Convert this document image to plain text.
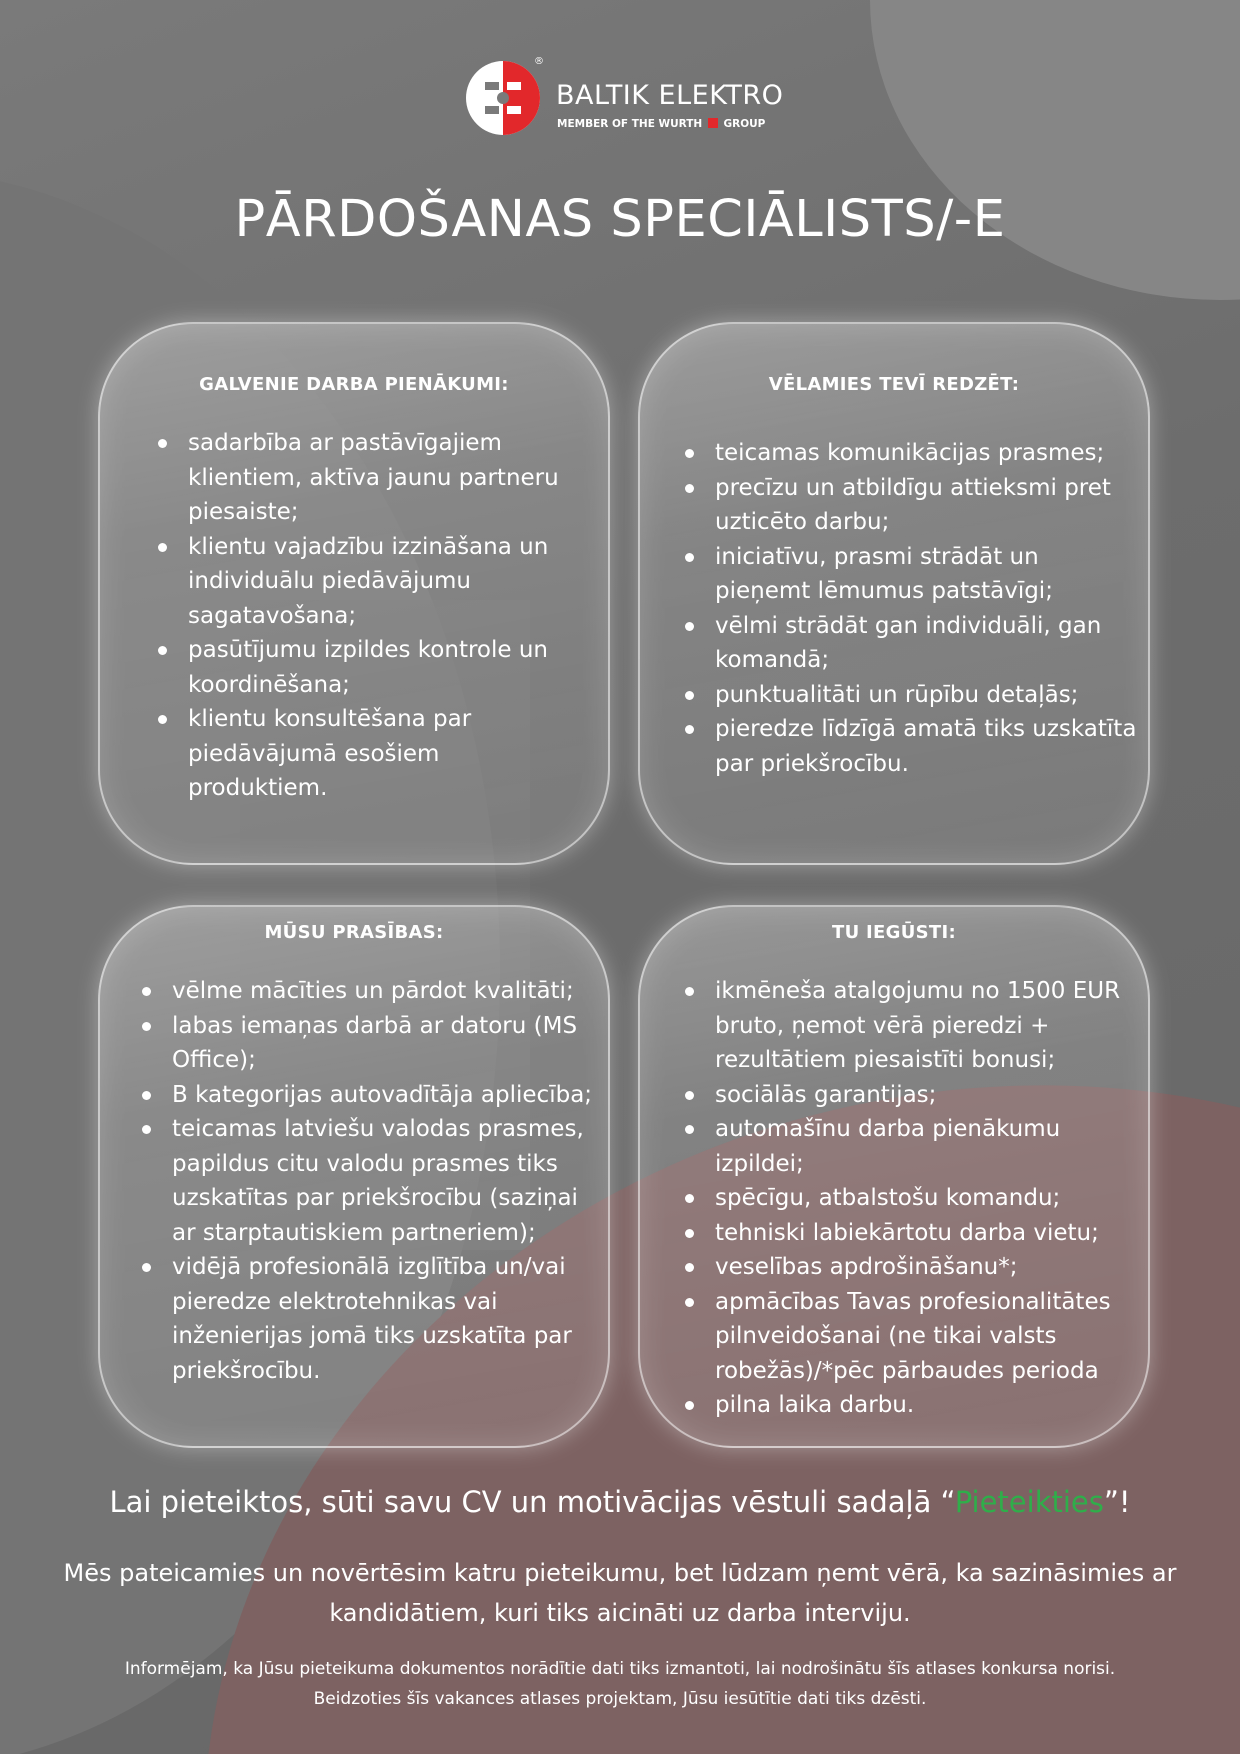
®
BALTIK ELEKTRO
MEMBER OF THE WURTH GROUP
PĀRDOŠANAS SPECIĀLISTS/-E
GALVENIE DARBA PIENĀKUMI:
sadarbība ar pastāvīgajiem klientiem, aktīva jaunu partneru piesaiste;
klientu vajadzību izzināšana un individuālu piedāvājumu sagatavošana;
pasūtījumu izpildes kontrole un koordinēšana;
klientu konsultēšana par piedāvājumā esošiem produktiem.
VĒLAMIES TEVĪ REDZĒT:
teicamas komunikācijas prasmes;
precīzu un atbildīgu attieksmi pret uzticēto darbu;
iniciatīvu, prasmi strādāt un pieņemt lēmumus patstāvīgi;
vēlmi strādāt gan individuāli, gan komandā;
punktualitāti un rūpību detaļās;
pieredze līdzīgā amatā tiks uzskatīta par priekšrocību.
MŪSU PRASĪBAS:
vēlme mācīties un pārdot kvalitāti;
labas iemaņas darbā ar datoru (MS Office);
B kategorijas autovadītāja apliecība;
teicamas latviešu valodas prasmes, papildus citu valodu prasmes tiks uzskatītas par priekšrocību (saziņai ar starptautiskiem partneriem);
vidējā profesionālā izglītība un/vai pieredze elektrotehnikas vai inženierijas jomā tiks uzskatīta par priekšrocību.
TU IEGŪSTI:
ikmēneša atalgojumu no 1500 EUR bruto, ņemot vērā pieredzi + rezultātiem piesaistīti bonusi;
sociālās garantijas;
automašīnu darba pienākumu izpildei;
spēcīgu, atbalstošu komandu;
tehniski labiekārtotu darba vietu;
veselības apdrošināšanu*;
apmācības Tavas profesionalitātes pilnveidošanai (ne tikai valsts robežās)/*pēc pārbaudes perioda
pilna laika darbu.
Lai pieteiktos, sūti savu CV un motivācijas vēstuli sadaļā “Pieteikties”!
Mēs pateicamies un novērtēsim katru pieteikumu, bet lūdzam ņemt vērā, ka sazināsimies ar kandidātiem, kuri tiks aicināti uz darba interviju.
Informējam, ka Jūsu pieteikuma dokumentos norādītie dati tiks izmantoti, lai nodrošinātu šīs atlases konkursa norisi.
Beidzoties šīs vakances atlases projektam, Jūsu iesūtītie dati tiks dzēsti.
